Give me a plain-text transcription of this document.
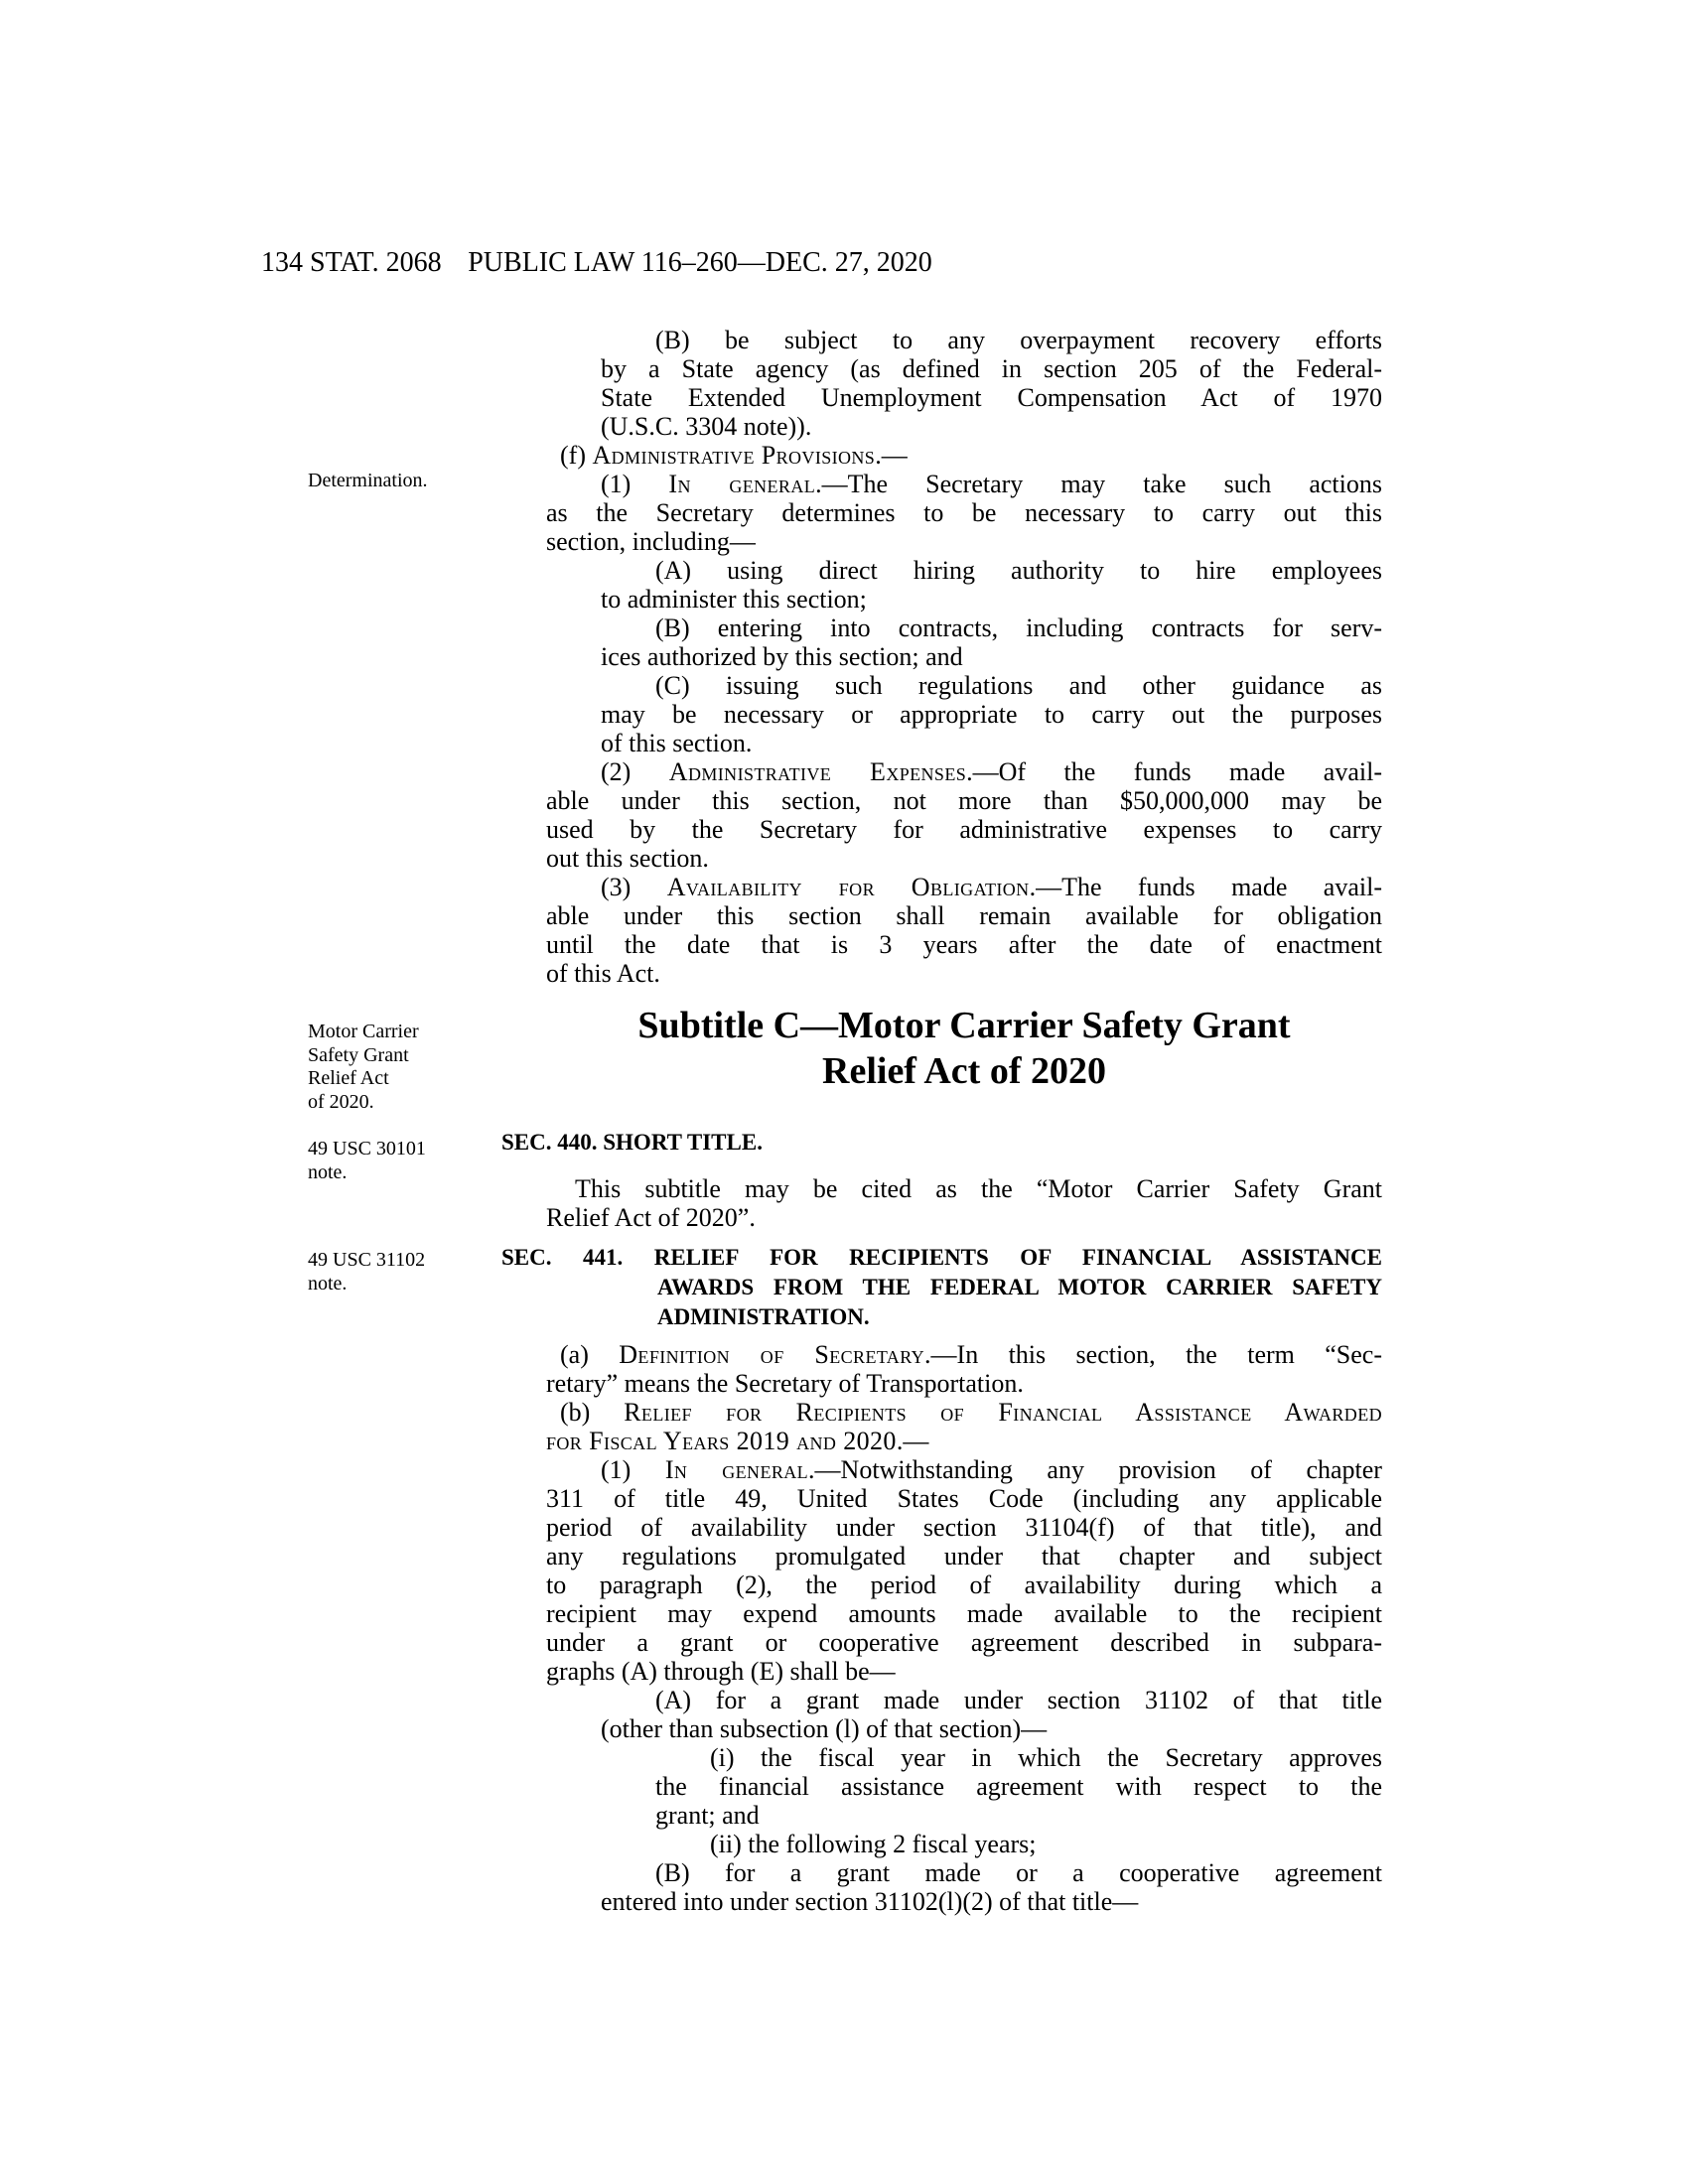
134 STAT. 2068 PUBLIC LAW 116–260—DEC. 27, 2020
Determination.
Motor Carrier
Safety Grant
Relief Act
of 2020.
49 USC 30101
note.
49 USC 31102
note.
(B) be subject to any overpayment recovery efforts
by a State agency (as defined in section 205 of the Federal-
State Extended Unemployment Compensation Act of 1970
(U.S.C. 3304 note)).
(f) Administrative Provisions.—
(1) In general.—The Secretary may take such actions
as the Secretary determines to be necessary to carry out this
section, including—
(A) using direct hiring authority to hire employees
to administer this section;
(B) entering into contracts, including contracts for serv-
ices authorized by this section; and
(C) issuing such regulations and other guidance as
may be necessary or appropriate to carry out the purposes
of this section.
(2) Administrative Expenses.—Of the funds made avail-
able under this section, not more than $50,000,000 may be
used by the Secretary for administrative expenses to carry
out this section.
(3) Availability for Obligation.—The funds made avail-
able under this section shall remain available for obligation
until the date that is 3 years after the date of enactment
of this Act.
Subtitle C—Motor Carrier Safety Grant
Relief Act of 2020
SEC. 440. SHORT TITLE.
This subtitle may be cited as the “Motor Carrier Safety Grant
Relief Act of 2020”.
SEC. 441. RELIEF FOR RECIPIENTS OF FINANCIAL ASSISTANCE
AWARDS FROM THE FEDERAL MOTOR CARRIER SAFETY
ADMINISTRATION.
(a) Definition of Secretary.—In this section, the term “Sec-
retary” means the Secretary of Transportation.
(b) Relief for Recipients of Financial Assistance Awarded
for Fiscal Years 2019 and 2020.—
(1) In general.—Notwithstanding any provision of chapter
311 of title 49, United States Code (including any applicable
period of availability under section 31104(f) of that title), and
any regulations promulgated under that chapter and subject
to paragraph (2), the period of availability during which a
recipient may expend amounts made available to the recipient
under a grant or cooperative agreement described in subpara-
graphs (A) through (E) shall be—
(A) for a grant made under section 31102 of that title
(other than subsection (l) of that section)—
(i) the fiscal year in which the Secretary approves
the financial assistance agreement with respect to the
grant; and
(ii) the following 2 fiscal years;
(B) for a grant made or a cooperative agreement
entered into under section 31102(l)(2) of that title—
